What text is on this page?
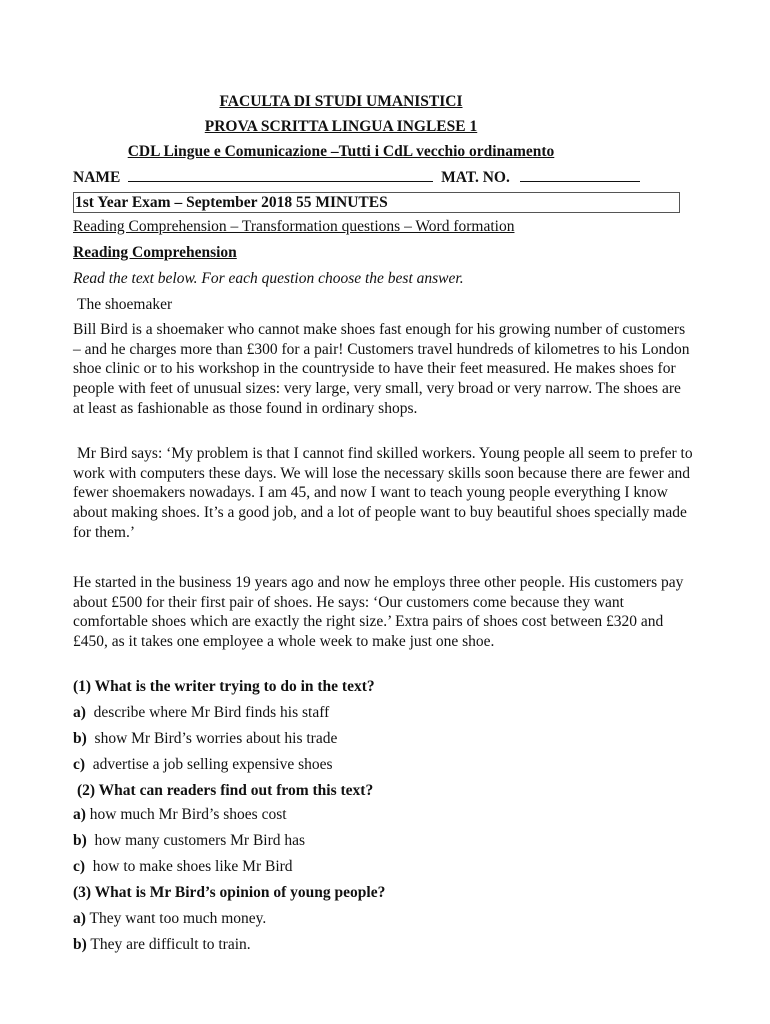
FACULTA DI STUDI UMANISTICI
PROVA SCRITTA LINGUA INGLESE 1
CDL Lingue e Comunicazione –Tutti i CdL vecchio ordinamento
NAME	MAT. NO.
1st Year Exam – September 2018 55 MINUTES
Reading Comprehension – Transformation questions – Word formation
Reading Comprehension
Read the text below. For each question choose the best answer.
The shoemaker
Bill Bird is a shoemaker who cannot make shoes fast enough for his growing number of customers – and he charges more than £300 for a pair! Customers travel hundreds of kilometres to his London shoe clinic or to his workshop in the countryside to have their feet measured. He makes shoes for people with feet of unusual sizes: very large, very small, very broad or very narrow. The shoes are at least as fashionable as those found in ordinary shops.
Mr Bird says: ‘My problem is that I cannot find skilled workers. Young people all seem to prefer to work with computers these days. We will lose the necessary skills soon because there are fewer and fewer shoemakers nowadays. I am 45, and now I want to teach young people everything I know about making shoes. It’s a good job, and a lot of people want to buy beautiful shoes specially made for them.’
He started in the business 19 years ago and now he employs three other people. His customers pay about £500 for their first pair of shoes. He says: ‘Our customers come because they want comfortable shoes which are exactly the right size.’ Extra pairs of shoes cost between £320 and £450, as it takes one employee a whole week to make just one shoe.
(1) What is the writer trying to do in the text?
a) describe where Mr Bird finds his staff
b) show Mr Bird’s worries about his trade
c) advertise a job selling expensive shoes
(2) What can readers find out from this text?
a) how much Mr Bird’s shoes cost
b) how many customers Mr Bird has
c) how to make shoes like Mr Bird
(3) What is Mr Bird’s opinion of young people?
a) They want too much money.
b) They are difficult to train.
